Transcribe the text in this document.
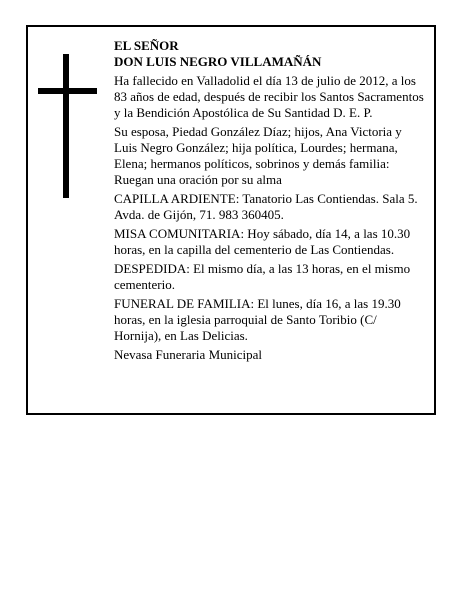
EL SEÑOR

DON LUIS NEGRO VILLAMAÑÁN

Ha fallecido en Valladolid el día 13 de julio de 2012, a los 83 años de edad, después de recibir los Santos Sacramentos y la Bendición Apostólica de Su Santidad D. E. P.

Su esposa, Piedad González Díaz; hijos, Ana Victoria y Luis Negro González; hija política, Lourdes; hermana, Elena; hermanos políticos, sobrinos y demás familia: Ruegan una oración por su alma

CAPILLA ARDIENTE: Tanatorio Las Contiendas. Sala 5. Avda. de Gijón, 71. 983 360405.

MISA COMUNITARIA: Hoy sábado, día 14, a las 10.30 horas, en la capilla del cementerio de Las Contiendas.

DESPEDIDA: El mismo día, a las 13 horas, en el mismo cementerio.

FUNERAL DE FAMILIA: El lunes, día 16, a las 19.30 horas, en la iglesia parroquial de Santo Toribio (C/ Hornija), en Las Delicias.

Nevasa Funeraria Municipal
